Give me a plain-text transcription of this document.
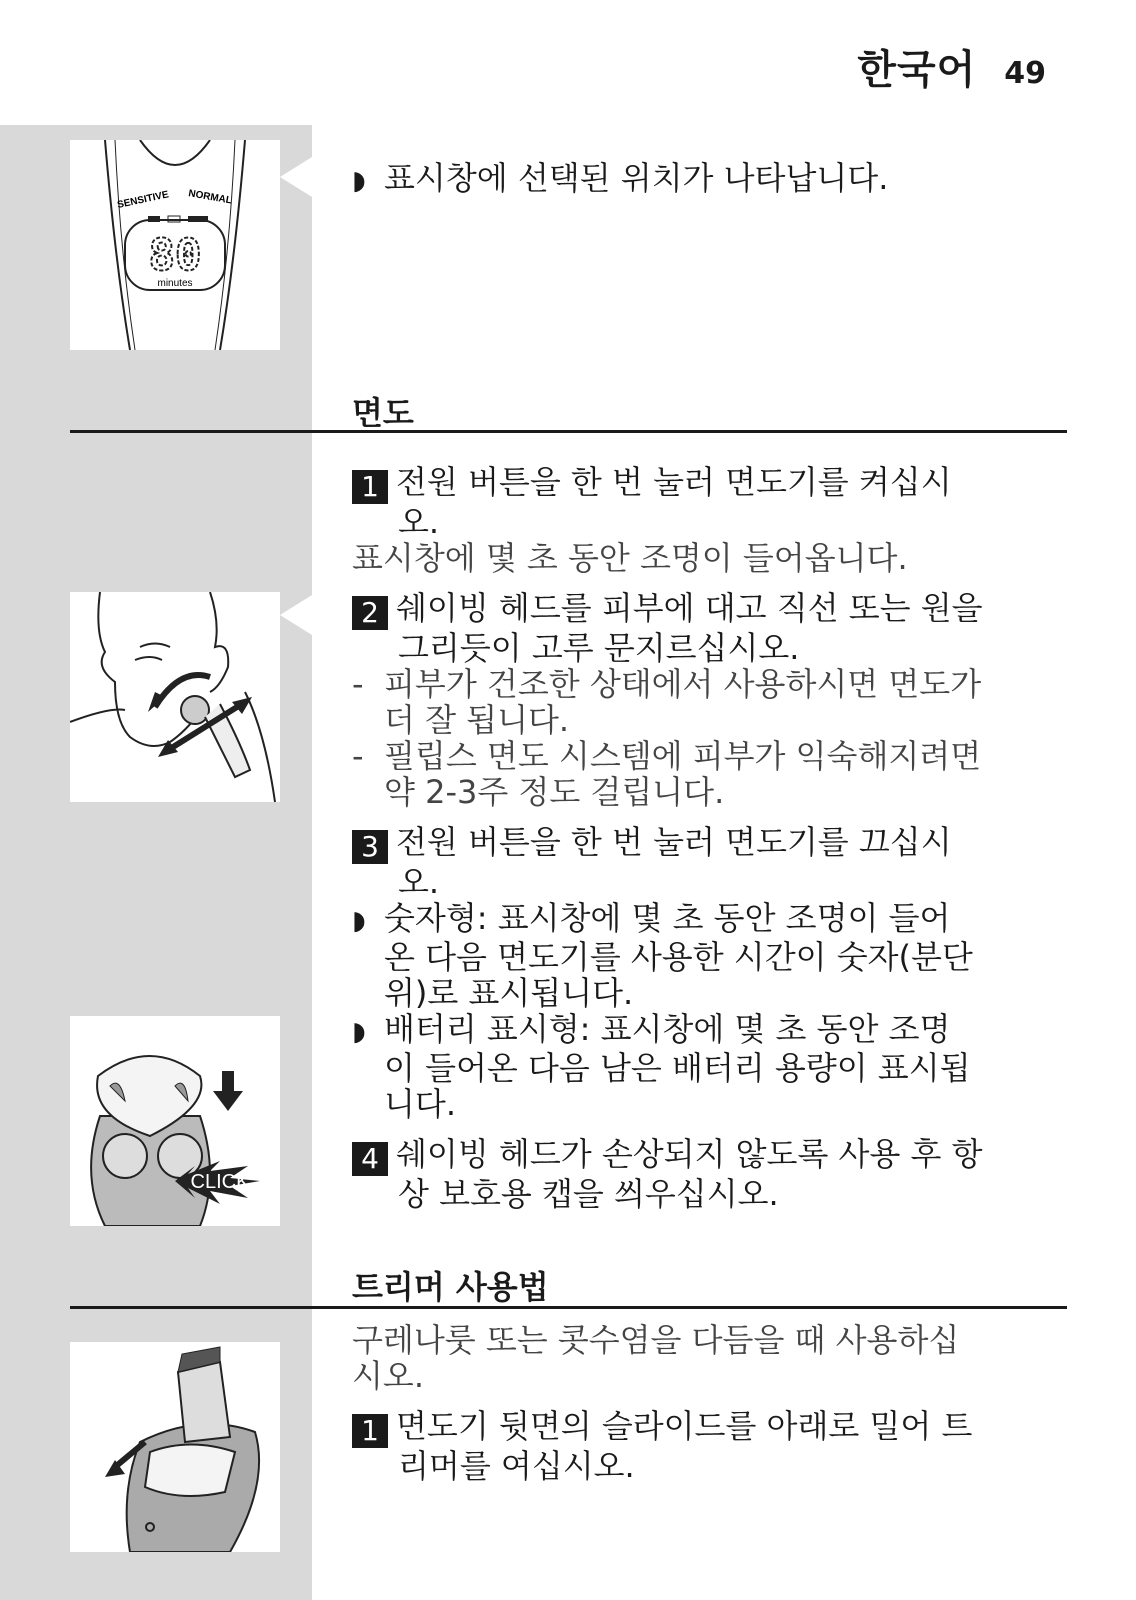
한국어 49
SENSITIVE NORMAL
80
minutes
CLICK
◗ 표시창에 선택된 위치가 나타납니다.
면도
1 전원 버튼을 한 번 눌러 면도기를 켜십시
오.
표시창에 몇 초 동안 조명이 들어옵니다.
2 쉐이빙 헤드를 피부에 대고 직선 또는 원을
그리듯이 고루 문지르십시오.
- 피부가 건조한 상태에서 사용하시면 면도가
더 잘 됩니다.
- 필립스 면도 시스템에 피부가 익숙해지려면
약 2-3주 정도 걸립니다.
3 전원 버튼을 한 번 눌러 면도기를 끄십시
오.
◗ 숫자형: 표시창에 몇 초 동안 조명이 들어
온 다음 면도기를 사용한 시간이 숫자(분단
위)로 표시됩니다.
◗ 배터리 표시형: 표시창에 몇 초 동안 조명
이 들어온 다음 남은 배터리 용량이 표시됩
니다.
4 쉐이빙 헤드가 손상되지 않도록 사용 후 항
상 보호용 캡을 씌우십시오.
트리머 사용법
구레나룻 또는 콧수염을 다듬을 때 사용하십
시오.
1 면도기 뒷면의 슬라이드를 아래로 밀어 트
리머를 여십시오.
